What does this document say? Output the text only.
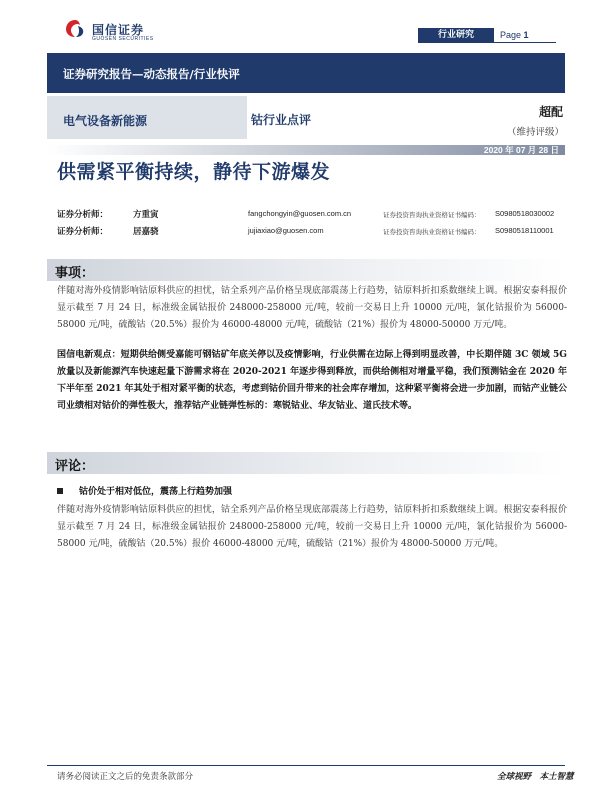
国信证券
GUOSEN SECURITIES	行业研究	Page 1
证券研究报告—动态报告/行业快评
电气设备新能源	钴行业点评
超配
（维持评级）
2020 年 07 月 28 日
供需紧平衡持续，静待下游爆发
证券分析师：	方重寅	fangchongyin@guosen.com.cn	证券投资咨询执业资格证书编码： S0980518030002
证券分析师：	居嘉骁	jujiaxiao@guosen.com	证券投资咨询执业资格证书编码： S0980518110001
事项：
伴随对海外疫情影响钴原料供应的担忧，钴全系列产品价格呈现底部震荡上行趋势，钴原料折扣系数继续上调。根据安泰科报价显示截至 7 月 24 日，标准级金属钴报价 248000-258000 元/吨，较前一交易日上升 10000 元/吨，氯化钴报价为 56000-58000 元/吨，硫酸钴（20.5%）报价为 46000-48000 元/吨，硫酸钴（21%）报价为 48000-50000 万元/吨。
国信电新观点：短期供给侧受嘉能可钢钴矿年底关停以及疫情影响，行业供需在边际上得到明显改善，中长期伴随 3C 领域 5G 放量以及新能源汽车快速起量下游需求将在 2020-2021 年逐步得到释放，而供给侧相对增量平稳，我们预测钴金在 2020 年下半年至 2021 年其处于相对紧平衡的状态，考虑到钴价回升带来的社会库存增加，这种紧平衡将会进一步加剧，而钴产业链公司业绩相对钴价的弹性极大，推荐钴产业链弹性标的：寒锐钴业、华友钴业、道氏技术等。
评论：
钴价处于相对低位，震荡上行趋势加强
伴随对海外疫情影响钴原料供应的担忧，钴全系列产品价格呈现底部震荡上行趋势，钴原料折扣系数继续上调。根据安泰科报价显示截至 7 月 24 日，标准级金属钴报价 248000-258000 元/吨，较前一交易日上升 10000 元/吨，氯化钴报价为 56000-58000 元/吨，硫酸钴（20.5%）报价 46000-48000 元/吨，硫酸钴（21%）报价为 48000-50000 万元/吨。
请务必阅读正文之后的免责条款部分	全球视野　本土智慧
